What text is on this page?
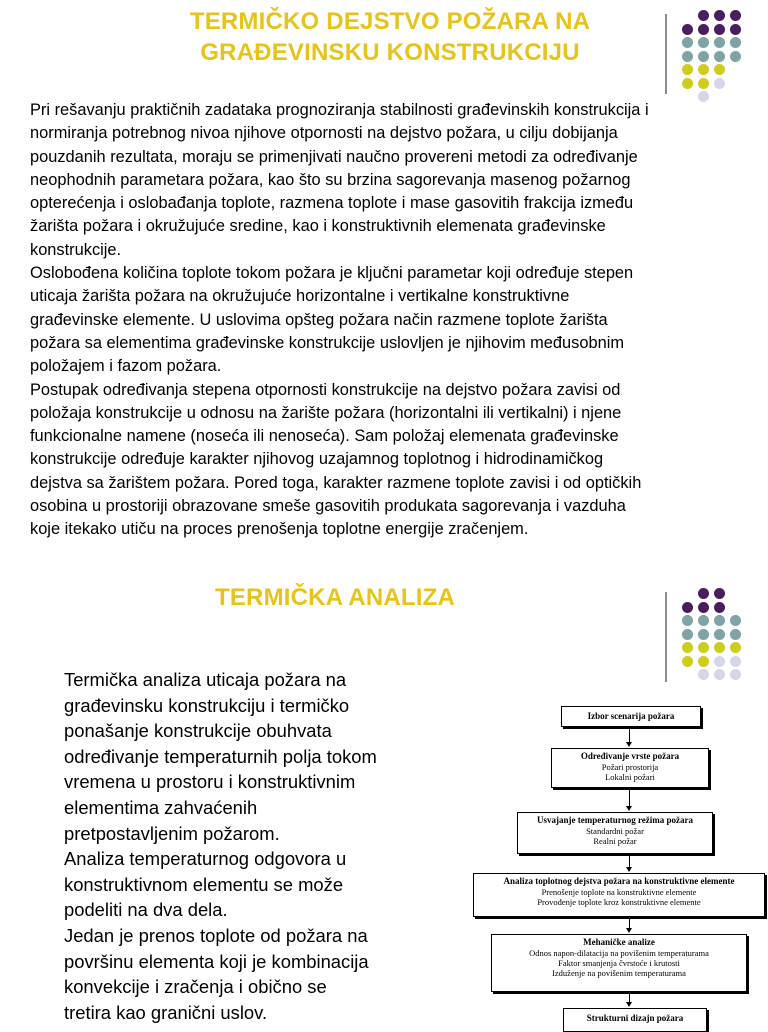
TERMIČKO DEJSTVO POŽARA NA
GRAĐEVINSKU KONSTRUKCIJU
Pri rešavanju praktičnih zadataka prognoziranja stabilnosti građevinskih konstrukcija i
normiranja potrebnog nivoa njihove otpornosti na dejstvo požara, u cilju dobijanja
pouzdanih rezultata, moraju se primenjivati naučno provereni metodi za određivanje
neophodnih parametara požara, kao što su brzina sagorevanja masenog požarnog
opterećenja i oslobađanja toplote, razmena toplote i mase gasovitih frakcija između
žarišta požara i okružujuće sredine, kao i konstruktivnih elemenata građevinske
konstrukcije.
Oslobođena količina toplote tokom požara je ključni parametar koji određuje stepen
uticaja žarišta požara na okružujuće horizontalne i vertikalne konstruktivne
građevinske elemente. U uslovima opšteg požara način razmene toplote žarišta
požara sa elementima građevinske konstrukcije uslovljen je njihovim međusobnim
položajem i fazom požara.
Postupak određivanja stepena otpornosti konstrukcije na dejstvo požara zavisi od
položaja konstrukcije u odnosu na žarište požara (horizontalni ili vertikalni) i njene
funkcionalne namene (noseća ili nenoseća). Sam položaj elemenata građevinske
konstrukcije određuje karakter njihovog uzajamnog toplotnog i hidrodinamičkog
dejstva sa žarištem požara. Pored toga, karakter razmene toplote zavisi i od optičkih
osobina u prostoriji obrazovane smeše gasovitih produkata sagorevanja i vazduha
koje itekako utiču na proces prenošenja toplotne energije zračenjem.
TERMIČKA ANALIZA
Termička analiza uticaja požara na
građevinsku konstrukciju i termičko
ponašanje konstrukcije obuhvata
određivanje temperaturnih polja tokom
vremena u prostoru i konstruktivnim
elementima zahvaćenih
pretpostavljenim požarom.
Analiza temperaturnog odgovora u
konstruktivnom elementu se može
podeliti na dva dela.
Jedan je prenos toplote od požara na
površinu elementa koji je kombinacija
konvekcije i zračenja i obično se
tretira kao granični uslov.
Izbor scenarija požara
Određivanje vrste požara
Požari prostorija
Lokalni požari
Usvajanje temperaturnog režima požara
Standardni požar
Realni požar
Analiza toplotnog dejstva požara na konstruktivne elemente
Prenošenje toplote na konstruktivne elemente
Provođenje toplote kroz konstruktivne elemente
Mehaničke analize
Odnos napon-dilatacija na povišenim temperaturama
Faktor smanjenja čvrstoće i krutosti
Izduženje na povišenim temperaturama
Strukturni dizajn požara
